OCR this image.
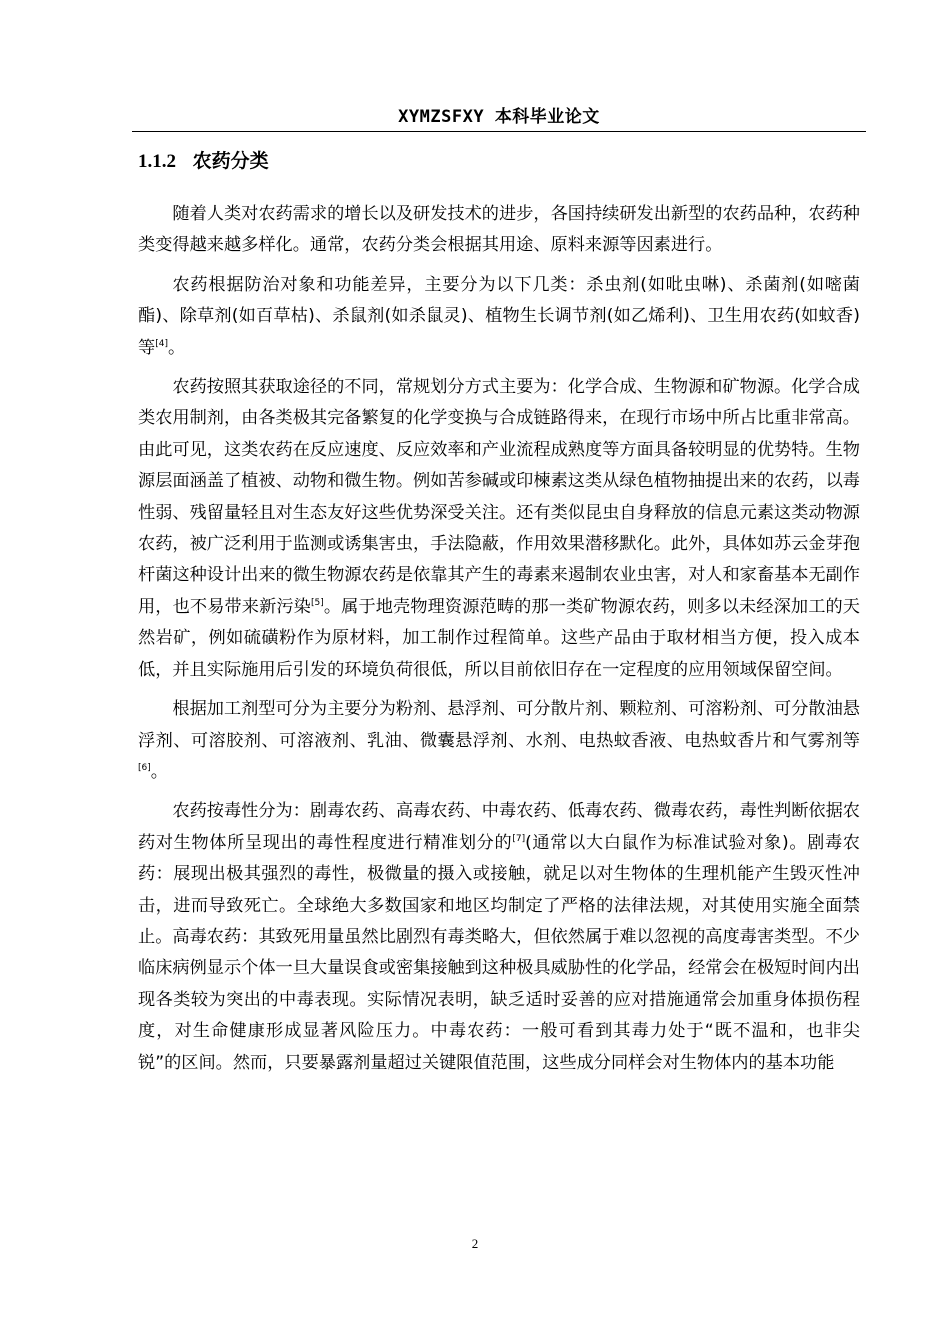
XYMZSFXY 本科毕业论文
1.1.2 农药分类

随着人类对农药需求的增长以及研发技术的进步，各国持续研发出新型的农药品种，农药种类变得越来越多样化。通常，农药分类会根据其用途、原料来源等因素进行。

农药根据防治对象和功能差异，主要分为以下几类：杀虫剂(如吡虫啉)、杀菌剂(如嘧菌酯)、除草剂(如百草枯)、杀鼠剂(如杀鼠灵)、植物生长调节剂(如乙烯利)、卫生用农药(如蚊香)等[4]。

农药按照其获取途径的不同，常规划分方式主要为：化学合成、生物源和矿物源。化学合成类农用制剂，由各类极其完备繁复的化学变换与合成链路得来，在现行市场中所占比重非常高。由此可见，这类农药在反应速度、反应效率和产业流程成熟度等方面具备较明显的优势特。生物源层面涵盖了植被、动物和微生物。例如苦参碱或印楝素这类从绿色植物抽提出来的农药，以毒性弱、残留量轻且对生态友好这些优势深受关注。还有类似昆虫自身释放的信息元素这类动物源农药，被广泛利用于监测或诱集害虫，手法隐蔽，作用效果潜移默化。此外，具体如苏云金芽孢杆菌这种设计出来的微生物源农药是依靠其产生的毒素来遏制农业虫害，对人和家畜基本无副作用，也不易带来新污染[5]。属于地壳物理资源范畴的那一类矿物源农药，则多以未经深加工的天然岩矿，例如硫磺粉作为原材料，加工制作过程简单。这些产品由于取材相当方便，投入成本低，并且实际施用后引发的环境负荷很低，所以目前依旧存在一定程度的应用领域保留空间。

根据加工剂型可分为主要分为粉剂、悬浮剂、可分散片剂、颗粒剂、可溶粉剂、可分散油悬浮剂、可溶胶剂、可溶液剂、乳油、微囊悬浮剂、水剂、电热蚊香液、电热蚊香片和气雾剂等[6]。

农药按毒性分为：剧毒农药、高毒农药、中毒农药、低毒农药、微毒农药，毒性判断依据农药对生物体所呈现出的毒性程度进行精准划分的[7](通常以大白鼠作为标准试验对象)。剧毒农药：展现出极其强烈的毒性，极微量的摄入或接触，就足以对生物体的生理机能产生毁灭性冲击，进而导致死亡。全球绝大多数国家和地区均制定了严格的法律法规，对其使用实施全面禁止。高毒农药：其致死用量虽然比剧烈有毒类略大，但依然属于难以忽视的高度毒害类型。不少临床病例显示个体一旦大量误食或密集接触到这种极具威胁性的化学品，经常会在极短时间内出现各类较为突出的中毒表现。实际情况表明，缺乏适时妥善的应对措施通常会加重身体损伤程度，对生命健康形成显著风险压力。中毒农药：一般可看到其毒力处于“既不温和，也非尖锐”的区间。然而，只要暴露剂量超过关键限值范围，这些成分同样会对生物体内的基本功能

2
